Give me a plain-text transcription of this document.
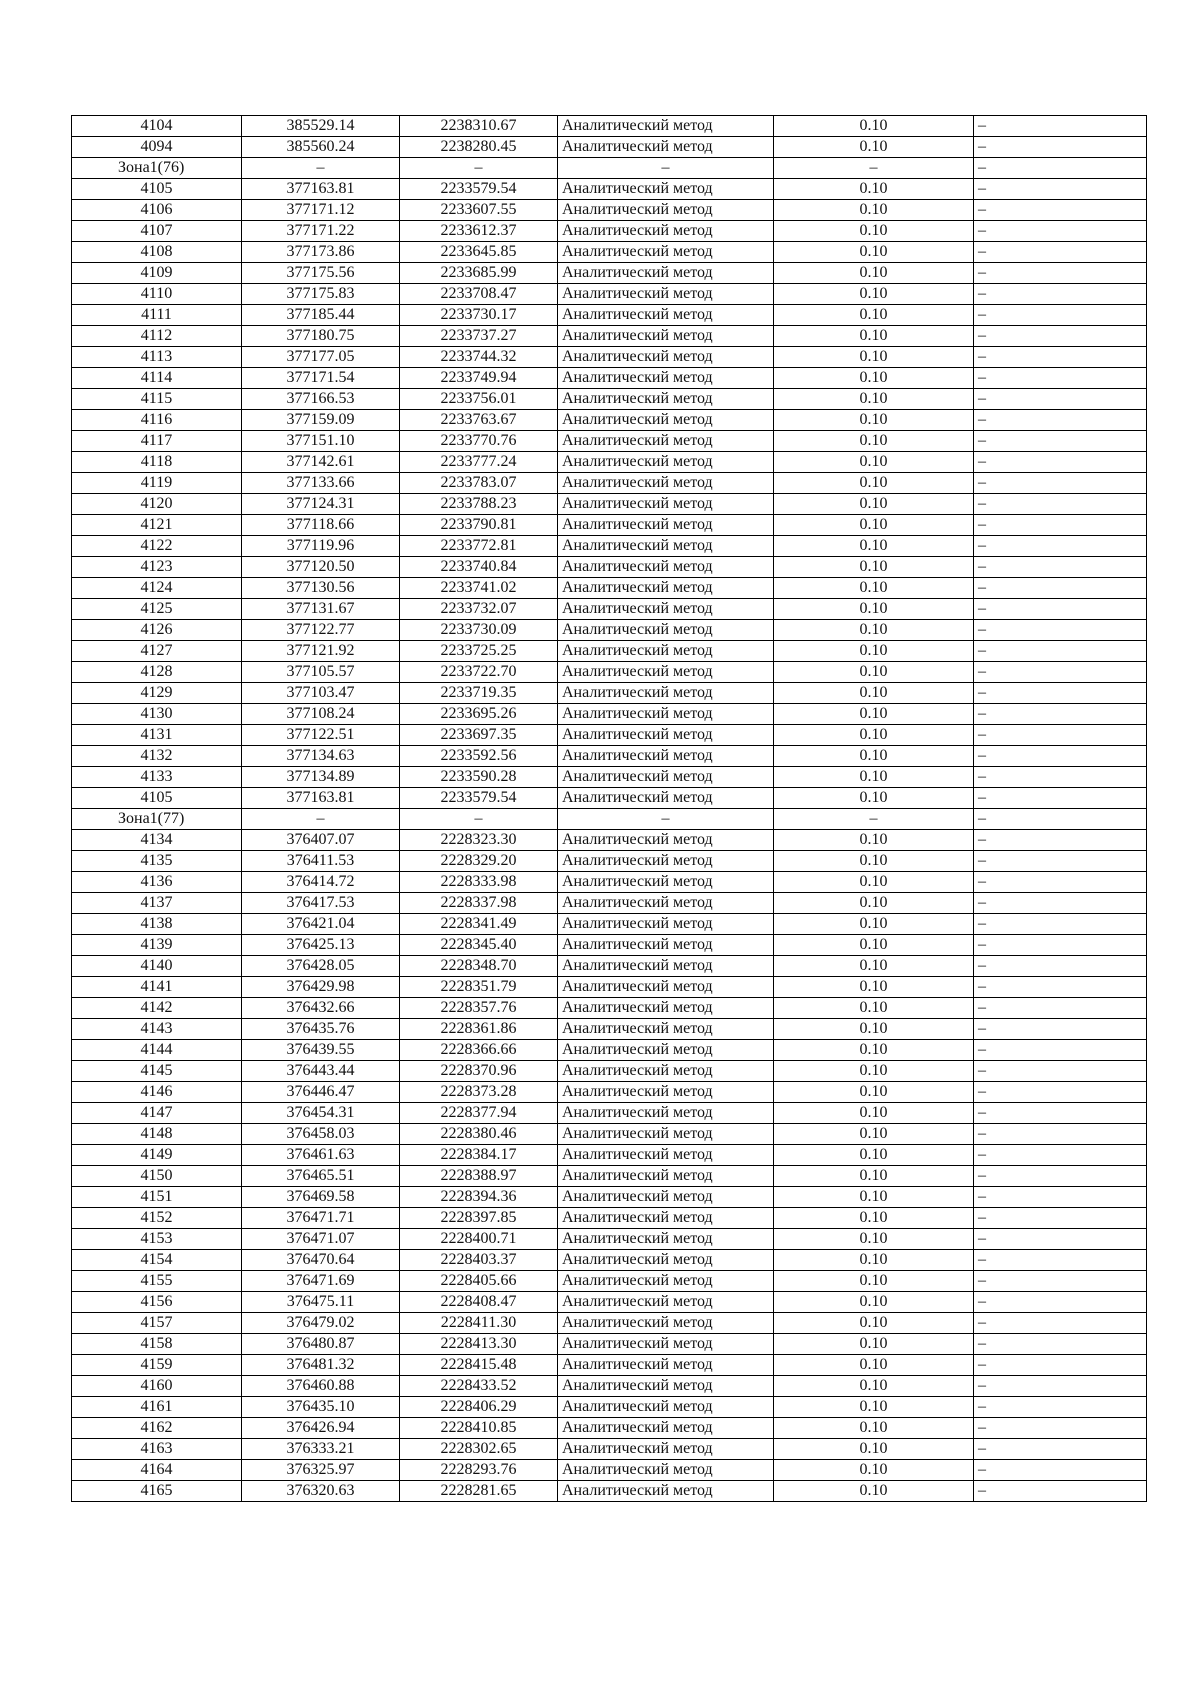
4104	385529.14	2238310.67	Аналитический метод	0.10	–
4094	385560.24	2238280.45	Аналитический метод	0.10	–
Зона1(76)	–	–	–	–	–
4105	377163.81	2233579.54	Аналитический метод	0.10	–
4106	377171.12	2233607.55	Аналитический метод	0.10	–
4107	377171.22	2233612.37	Аналитический метод	0.10	–
4108	377173.86	2233645.85	Аналитический метод	0.10	–
4109	377175.56	2233685.99	Аналитический метод	0.10	–
4110	377175.83	2233708.47	Аналитический метод	0.10	–
4111	377185.44	2233730.17	Аналитический метод	0.10	–
4112	377180.75	2233737.27	Аналитический метод	0.10	–
4113	377177.05	2233744.32	Аналитический метод	0.10	–
4114	377171.54	2233749.94	Аналитический метод	0.10	–
4115	377166.53	2233756.01	Аналитический метод	0.10	–
4116	377159.09	2233763.67	Аналитический метод	0.10	–
4117	377151.10	2233770.76	Аналитический метод	0.10	–
4118	377142.61	2233777.24	Аналитический метод	0.10	–
4119	377133.66	2233783.07	Аналитический метод	0.10	–
4120	377124.31	2233788.23	Аналитический метод	0.10	–
4121	377118.66	2233790.81	Аналитический метод	0.10	–
4122	377119.96	2233772.81	Аналитический метод	0.10	–
4123	377120.50	2233740.84	Аналитический метод	0.10	–
4124	377130.56	2233741.02	Аналитический метод	0.10	–
4125	377131.67	2233732.07	Аналитический метод	0.10	–
4126	377122.77	2233730.09	Аналитический метод	0.10	–
4127	377121.92	2233725.25	Аналитический метод	0.10	–
4128	377105.57	2233722.70	Аналитический метод	0.10	–
4129	377103.47	2233719.35	Аналитический метод	0.10	–
4130	377108.24	2233695.26	Аналитический метод	0.10	–
4131	377122.51	2233697.35	Аналитический метод	0.10	–
4132	377134.63	2233592.56	Аналитический метод	0.10	–
4133	377134.89	2233590.28	Аналитический метод	0.10	–
4105	377163.81	2233579.54	Аналитический метод	0.10	–
Зона1(77)	–	–	–	–	–
4134	376407.07	2228323.30	Аналитический метод	0.10	–
4135	376411.53	2228329.20	Аналитический метод	0.10	–
4136	376414.72	2228333.98	Аналитический метод	0.10	–
4137	376417.53	2228337.98	Аналитический метод	0.10	–
4138	376421.04	2228341.49	Аналитический метод	0.10	–
4139	376425.13	2228345.40	Аналитический метод	0.10	–
4140	376428.05	2228348.70	Аналитический метод	0.10	–
4141	376429.98	2228351.79	Аналитический метод	0.10	–
4142	376432.66	2228357.76	Аналитический метод	0.10	–
4143	376435.76	2228361.86	Аналитический метод	0.10	–
4144	376439.55	2228366.66	Аналитический метод	0.10	–
4145	376443.44	2228370.96	Аналитический метод	0.10	–
4146	376446.47	2228373.28	Аналитический метод	0.10	–
4147	376454.31	2228377.94	Аналитический метод	0.10	–
4148	376458.03	2228380.46	Аналитический метод	0.10	–
4149	376461.63	2228384.17	Аналитический метод	0.10	–
4150	376465.51	2228388.97	Аналитический метод	0.10	–
4151	376469.58	2228394.36	Аналитический метод	0.10	–
4152	376471.71	2228397.85	Аналитический метод	0.10	–
4153	376471.07	2228400.71	Аналитический метод	0.10	–
4154	376470.64	2228403.37	Аналитический метод	0.10	–
4155	376471.69	2228405.66	Аналитический метод	0.10	–
4156	376475.11	2228408.47	Аналитический метод	0.10	–
4157	376479.02	2228411.30	Аналитический метод	0.10	–
4158	376480.87	2228413.30	Аналитический метод	0.10	–
4159	376481.32	2228415.48	Аналитический метод	0.10	–
4160	376460.88	2228433.52	Аналитический метод	0.10	–
4161	376435.10	2228406.29	Аналитический метод	0.10	–
4162	376426.94	2228410.85	Аналитический метод	0.10	–
4163	376333.21	2228302.65	Аналитический метод	0.10	–
4164	376325.97	2228293.76	Аналитический метод	0.10	–
4165	376320.63	2228281.65	Аналитический метод	0.10	–
